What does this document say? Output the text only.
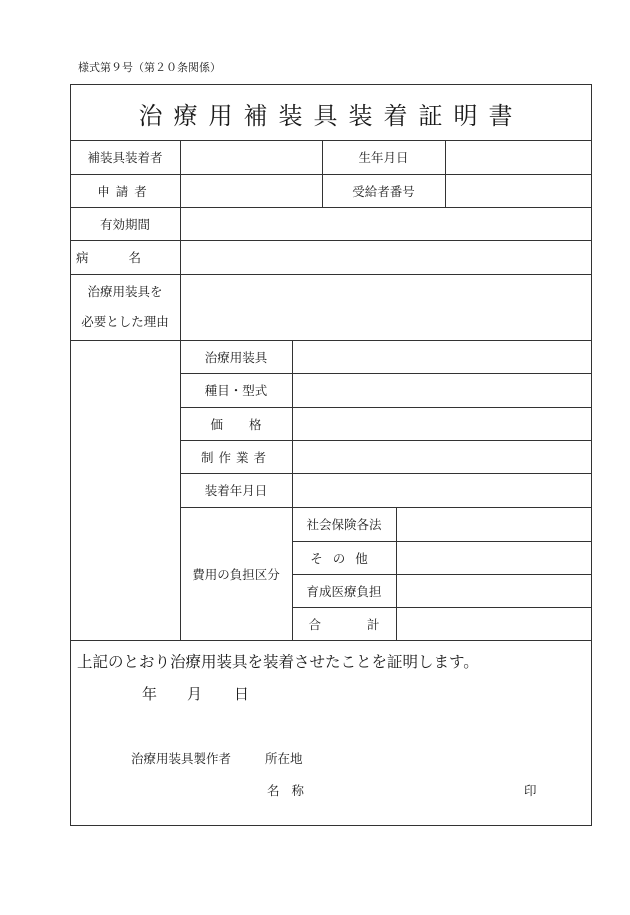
様式第９号（第２０条関係）
治療用補装具装着証明書
補装具装着者	生年月日
申請者	受給者番号
有効期間
病名
治療用装具を
必要とした理由
治療用装具
種目・型式
価格
制作業者
装着年月日
費用の負担区分
社会保険各法
その他
育成医療負担
合計
上記のとおり治療用装具を装着させたことを証明します。
年 月 日
治療用装具製作者	所在地
名称	印
